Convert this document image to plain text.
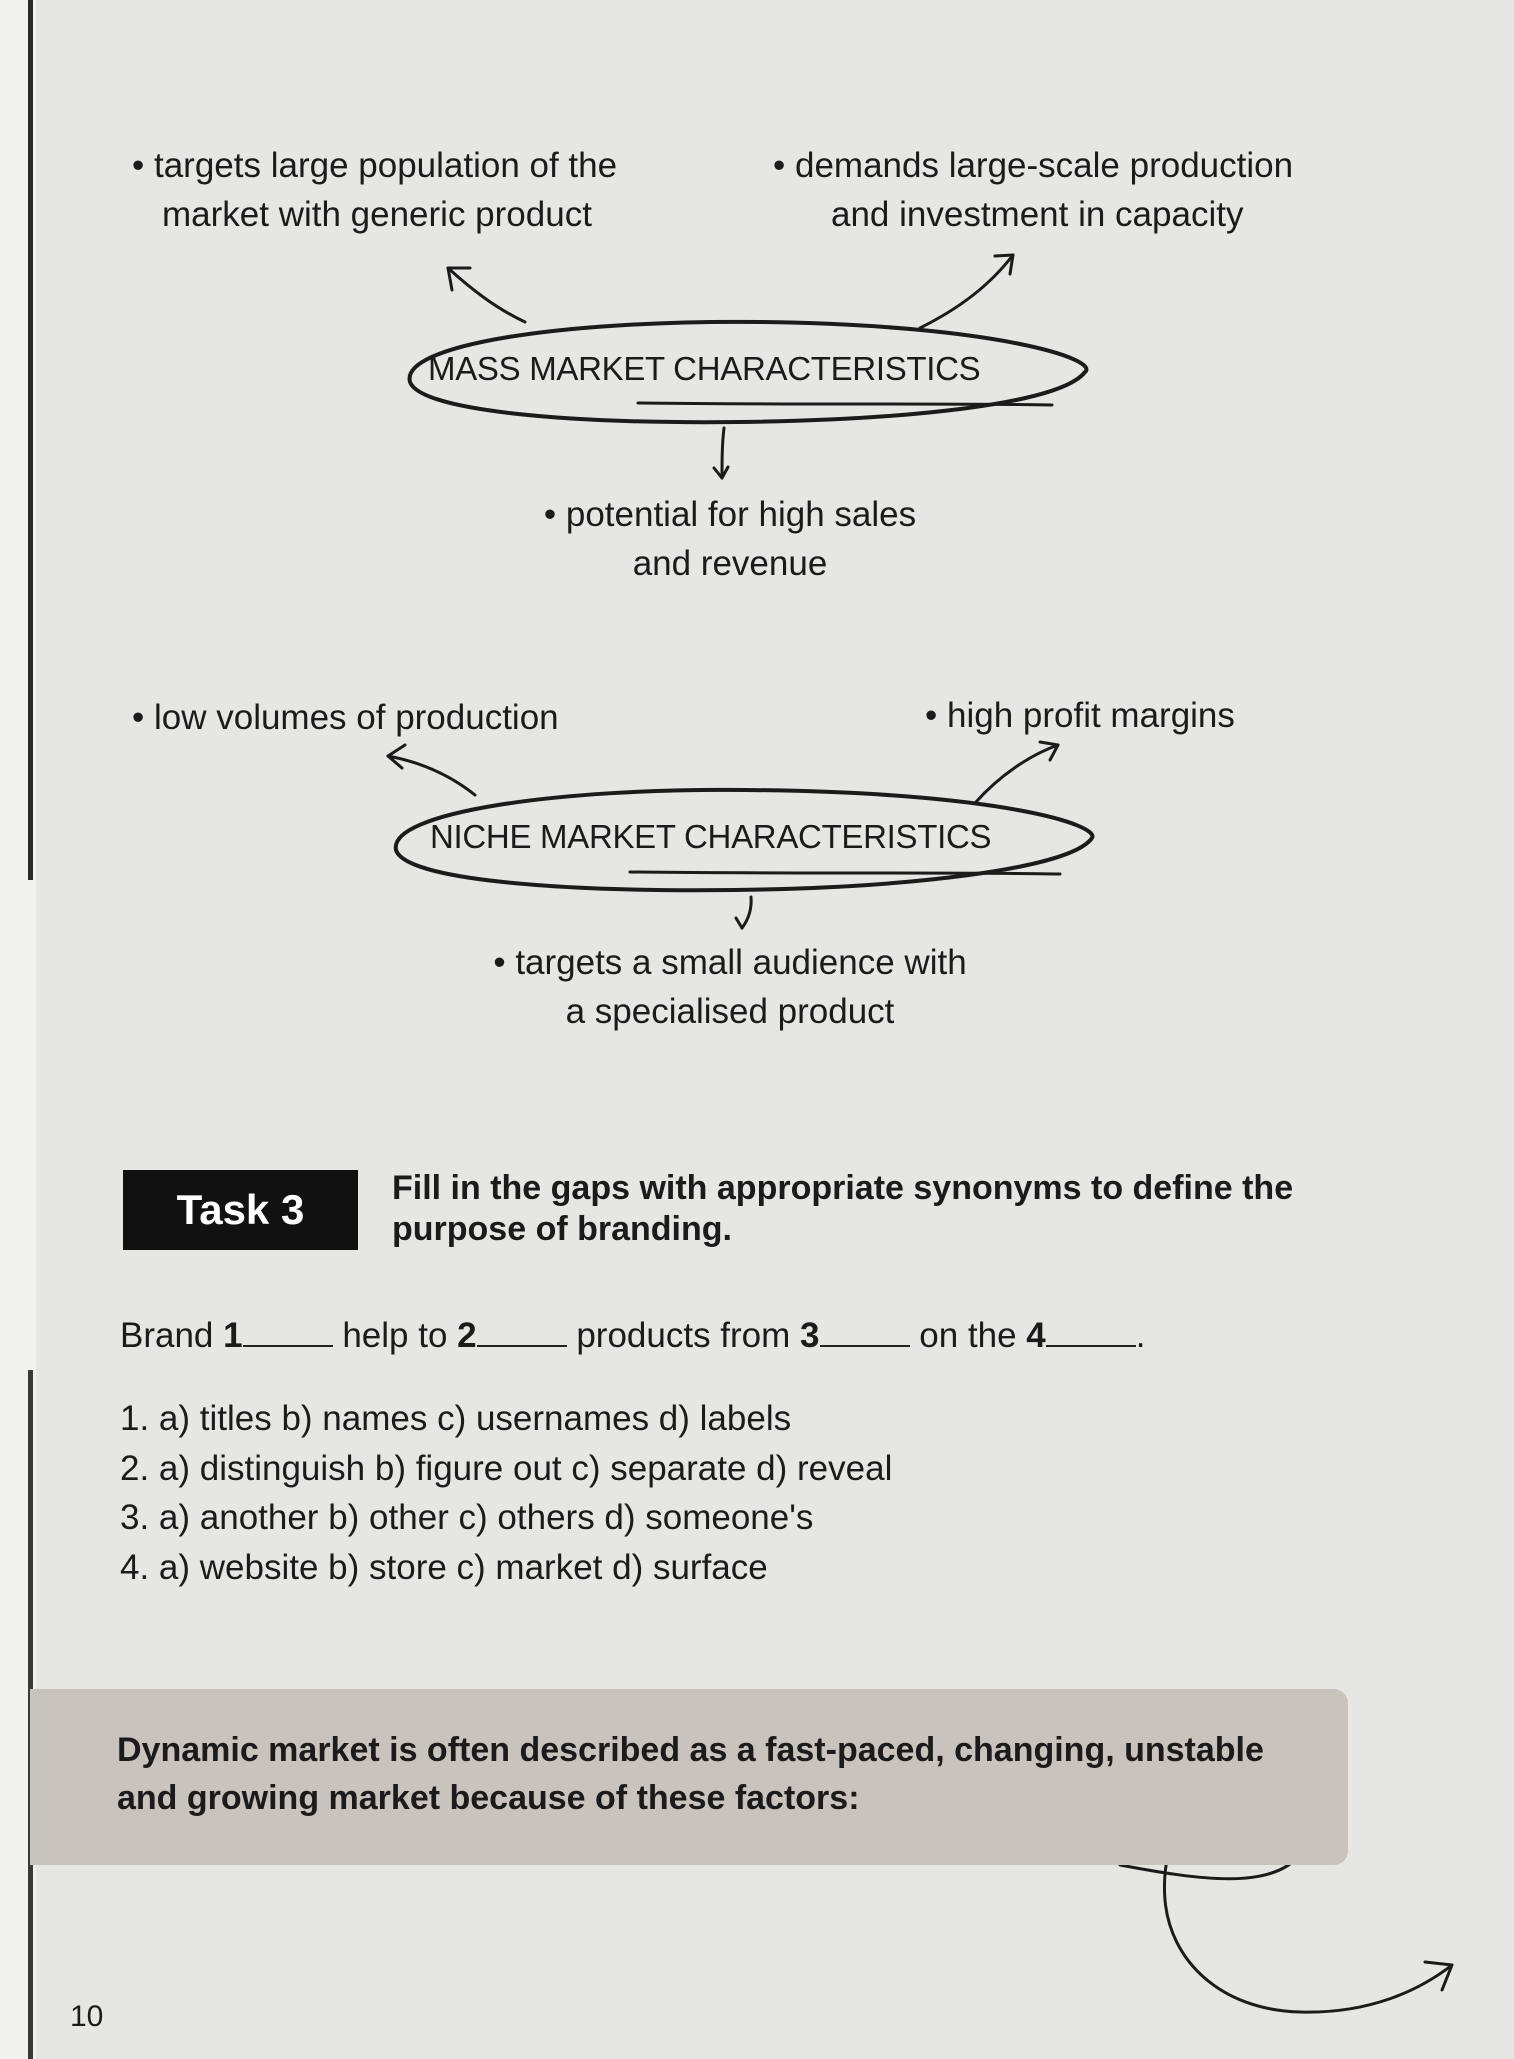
• targets large population of the
market with generic product
• demands large-scale production
and investment in capacity
MASS MARKET CHARACTERISTICS
• potential for high sales
and revenue
• low volumes of production
•	high profit margins
NICHE MARKET CHARACTERISTICS
• targets a small audience with
a specialised product
Task 3	Fill in the gaps with appropriate synonyms to define the purpose of branding.
Brand 1	help to 2	products from 3	on the 4	.
1. a) titles b) names c) usernames d) labels
2. a) distinguish b) figure out c) separate d) reveal
3. a) another b) other c) others d) someone's
4. a) website b) store c) market d) surface
Dynamic market is often described as a fast-paced, changing, unstable and growing market because of these factors:
10
